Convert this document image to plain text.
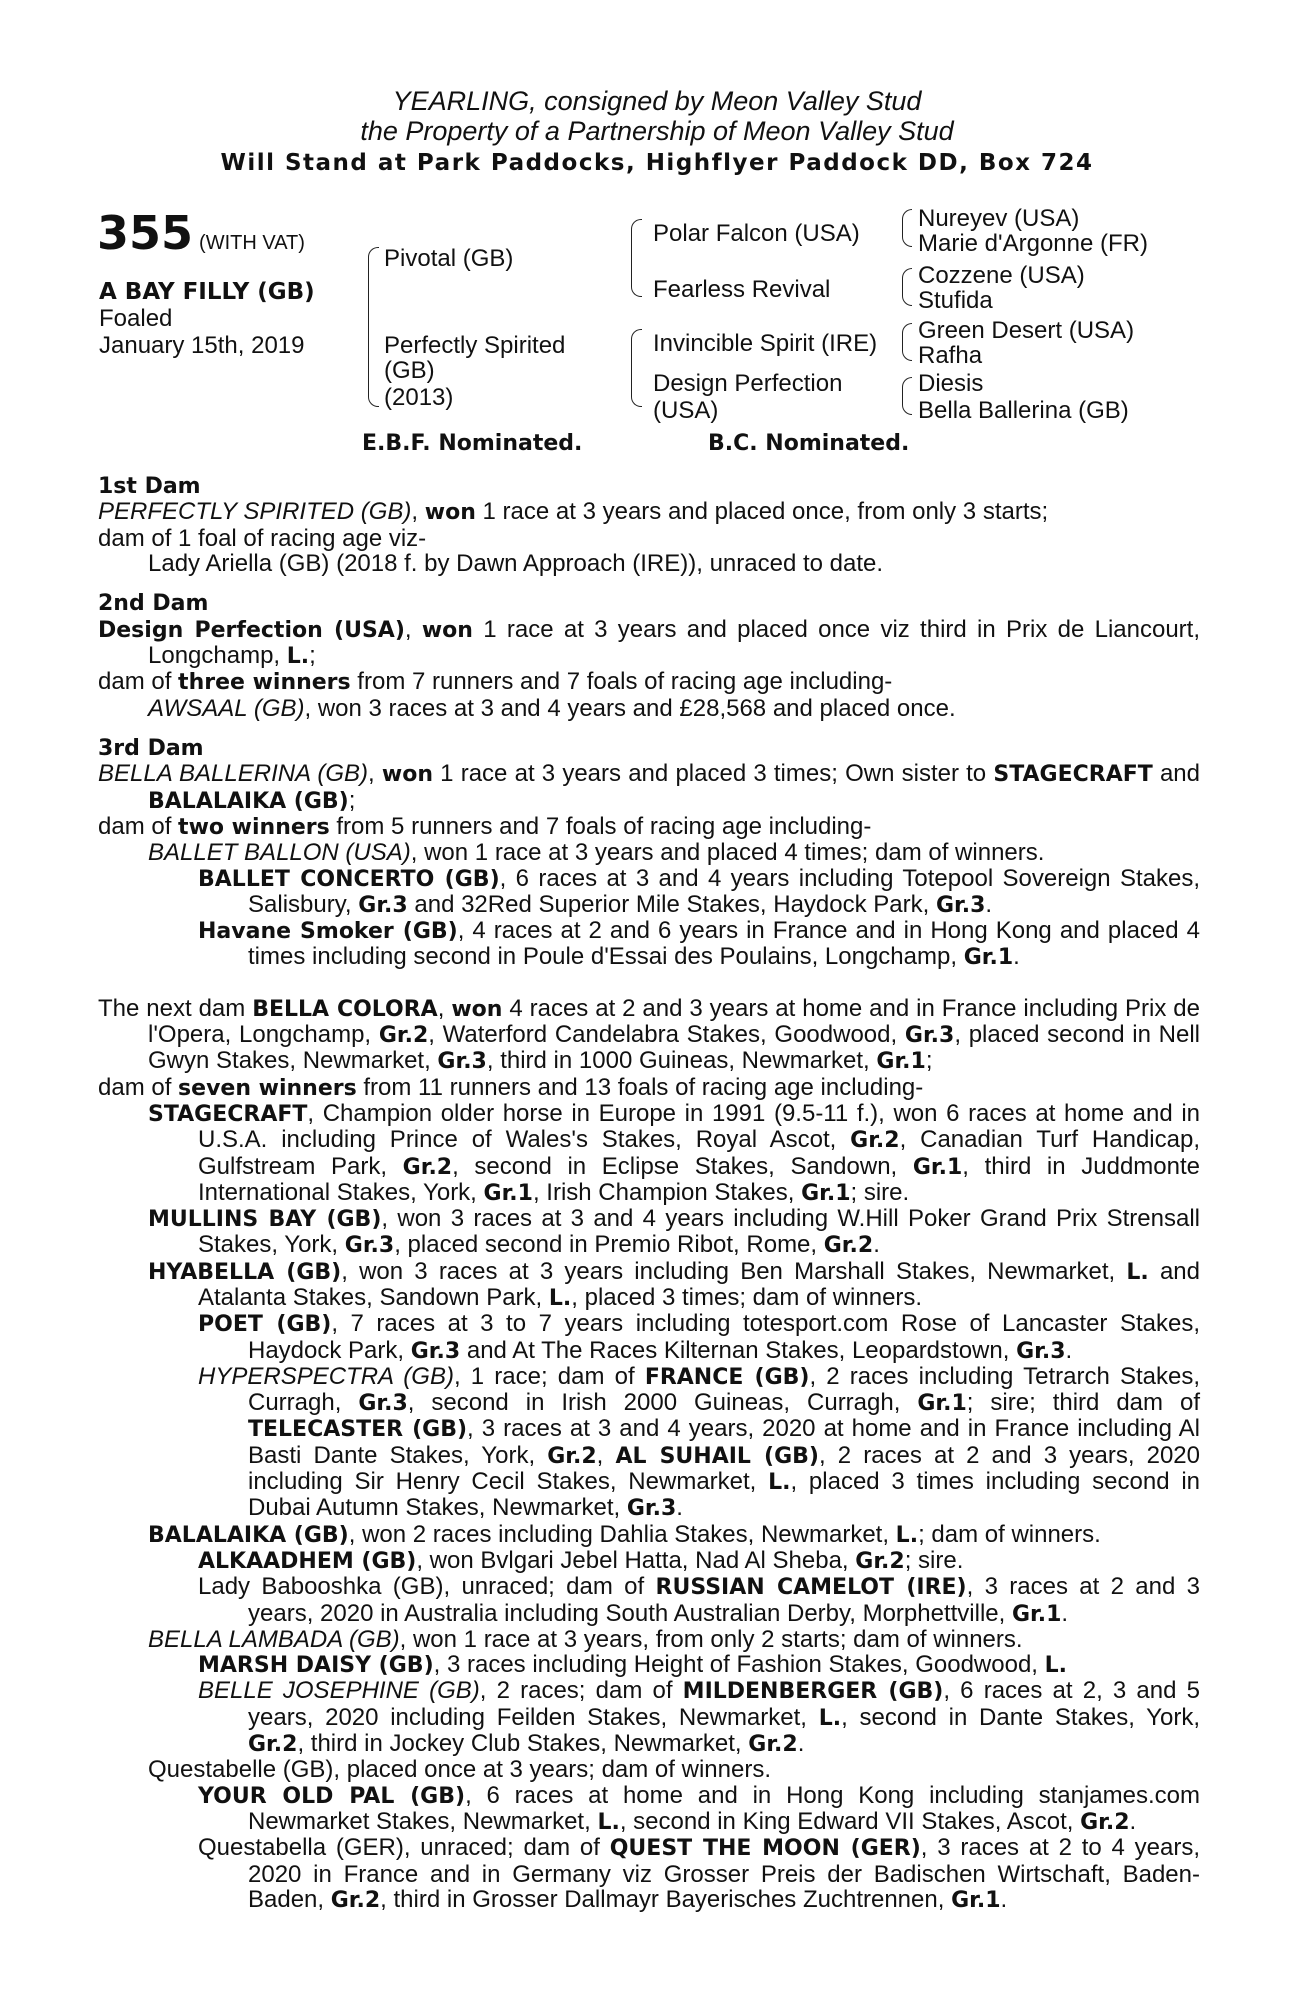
YEARLING, consigned by Meon Valley Stud
the Property of a Partnership of Meon Valley Stud
Will Stand at Park Paddocks, Highflyer Paddock DD, Box 724
355 (WITH VAT)
A BAY FILLY (GB)
Foaled
January 15th, 2019
Pivotal (GB)
Perfectly Spirited
(GB)
(2013)
Polar Falcon (USA)
Fearless Revival
Invincible Spirit (IRE)
Design Perfection
(USA)
Nureyev (USA)
Marie d'Argonne (FR)
Cozzene (USA)
Stufida
Green Desert (USA)
Rafha
Diesis
Bella Ballerina (GB)
E.B.F. Nominated.	B.C. Nominated.

1st Dam

PERFECTLY SPIRITED (GB), won 1 race at 3 years and placed once, from only 3 starts;

dam of 1 foal of racing age viz-

Lady Ariella (GB) (2018 f. by Dawn Approach (IRE)), unraced to date.

2nd Dam

Design Perfection (USA), won 1 race at 3 years and placed once viz third in Prix de Liancourt, Longchamp, L.;

dam of three winners from 7 runners and 7 foals of racing age including-

AWSAAL (GB), won 3 races at 3 and 4 years and £28,568 and placed once.

3rd Dam

BELLA BALLERINA (GB), won 1 race at 3 years and placed 3 times; Own sister to STAGECRAFT and BALALAIKA (GB);

dam of two winners from 5 runners and 7 foals of racing age including-

BALLET BALLON (USA), won 1 race at 3 years and placed 4 times; dam of winners.

BALLET CONCERTO (GB), 6 races at 3 and 4 years including Totepool Sovereign Stakes, Salisbury, Gr.3 and 32Red Superior Mile Stakes, Haydock Park, Gr.3.

Havane Smoker (GB), 4 races at 2 and 6 years in France and in Hong Kong and placed 4 times including second in Poule d'Essai des Poulains, Longchamp, Gr.1.

The next dam BELLA COLORA, won 4 races at 2 and 3 years at home and in France including Prix de l'Opera, Longchamp, Gr.2, Waterford Candelabra Stakes, Goodwood, Gr.3, placed second in Nell Gwyn Stakes, Newmarket, Gr.3, third in 1000 Guineas, Newmarket, Gr.1;

dam of seven winners from 11 runners and 13 foals of racing age including-

STAGECRAFT, Champion older horse in Europe in 1991 (9.5-11 f.), won 6 races at home and in U.S.A. including Prince of Wales's Stakes, Royal Ascot, Gr.2, Canadian Turf Handicap, Gulfstream Park, Gr.2, second in Eclipse Stakes, Sandown, Gr.1, third in Juddmonte International Stakes, York, Gr.1, Irish Champion Stakes, Gr.1; sire.

MULLINS BAY (GB), won 3 races at 3 and 4 years including W.Hill Poker Grand Prix Strensall Stakes, York, Gr.3, placed second in Premio Ribot, Rome, Gr.2.

HYABELLA (GB), won 3 races at 3 years including Ben Marshall Stakes, Newmarket, L. and Atalanta Stakes, Sandown Park, L., placed 3 times; dam of winners.

POET (GB), 7 races at 3 to 7 years including totesport.com Rose of Lancaster Stakes, Haydock Park, Gr.3 and At The Races Kilternan Stakes, Leopardstown, Gr.3.

HYPERSPECTRA (GB), 1 race; dam of FRANCE (GB), 2 races including Tetrarch Stakes, Curragh, Gr.3, second in Irish 2000 Guineas, Curragh, Gr.1; sire; third dam of TELECASTER (GB), 3 races at 3 and 4 years, 2020 at home and in France including Al Basti Dante Stakes, York, Gr.2, AL SUHAIL (GB), 2 races at 2 and 3 years, 2020 including Sir Henry Cecil Stakes, Newmarket, L., placed 3 times including second in Dubai Autumn Stakes, Newmarket, Gr.3.

BALALAIKA (GB), won 2 races including Dahlia Stakes, Newmarket, L.; dam of winners.

ALKAADHEM (GB), won Bvlgari Jebel Hatta, Nad Al Sheba, Gr.2; sire.

Lady Babooshka (GB), unraced; dam of RUSSIAN CAMELOT (IRE), 3 races at 2 and 3 years, 2020 in Australia including South Australian Derby, Morphettville, Gr.1.

BELLA LAMBADA (GB), won 1 race at 3 years, from only 2 starts; dam of winners.

MARSH DAISY (GB), 3 races including Height of Fashion Stakes, Goodwood, L.

BELLE JOSEPHINE (GB), 2 races; dam of MILDENBERGER (GB), 6 races at 2, 3 and 5 years, 2020 including Feilden Stakes, Newmarket, L., second in Dante Stakes, York, Gr.2, third in Jockey Club Stakes, Newmarket, Gr.2.

Questabelle (GB), placed once at 3 years; dam of winners.

YOUR OLD PAL (GB), 6 races at home and in Hong Kong including stanjames.com Newmarket Stakes, Newmarket, L., second in King Edward VII Stakes, Ascot, Gr.2.

Questabella (GER), unraced; dam of QUEST THE MOON (GER), 3 races at 2 to 4 years, 2020 in France and in Germany viz Grosser Preis der Badischen Wirtschaft, Baden-Baden, Gr.2, third in Grosser Dallmayr Bayerisches Zuchtrennen, Gr.1.
